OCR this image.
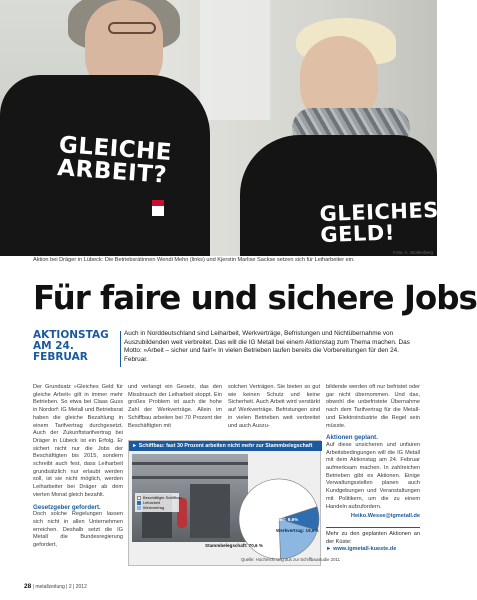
GLEICHE
ARBEIT?
GLEICHES
GELD!
Foto: A. Stoltenberg
Aktion bei Dräger in Lübeck: Die Betriebsrätinnen Wendi Mehn (links) und Kjerstin Marlise Sackse setzen sich für Leiharbeiter ein.
Für faire und sichere Jobs
AKTIONSTAG AM 24. FEBRUAR
Auch in Norddeutschland sind Leiharbeit, Werkverträge, Befristungen und Nichtübernahme von Auszubildenden weit verbreitet. Das will die IG Metall bei einem Aktionstag zum Thema machen. Das Motto: »Arbeit – sicher und fair!« In vielen Betrieben laufen bereits die Vorbereitungen für den 24. Februar.

Der Grundsatz »Gleiches Geld für gleiche Arbeit« gilt in immer mehr Betrieben. So etwa bei Claas Guss in Nordorf: IG Metall und Betriebsrat haben die gleiche Bezahlung in einem Tarifvertrag durchgesetzt. Auch der Zukunftstarifvertrag bei Dräger in Lübeck ist ein Erfolg. Er sichert nicht nur die Jobs der Beschäftigten bis 2015, sondern schreibt auch fest, dass Leiharbeit grundsätzlich nur erlaubt werden soll, ist sie nicht möglich, werden Leiharbeiter bei Dräger ab dem vierten Monat gleich bezahlt.

Gesetzgeber gefordert.

Doch solche Regelungen lassen sich nicht in allen Unternehmen erreichen. Deshalb setzt die IG Metall die Bundesregierung gefordert,

und verlangt ein Gesetz, das den Missbrauch der Leiharbeit stoppt. Ein großes Problem ist auch die hohe Zahl der Werkverträge. Allein im Schiffbau arbeiten bei 70 Prozent der Beschäftigten mit

solchen Verträgen. Sie bieten so gut wie keinen Schutz und keine Sicherheit. Auch Arbeit wird verstärkt auf Werkverträge. Befristungen sind in vielen Betrieben weit verbreitet und auch Auszu-

bildende werden oft nur befristet oder gar nicht übernommen. Und das, obwohl die unbefristete Übernahme nach dem Tarifvertrag für die Metall- und Elektroindustrie die Regel sein müsste.

Aktionen geplant.

Auf diese unsicheren und unfairen Arbeitsbedingungen will die IG Metall mit dem Aktionstag am 24. Februar aufmerksam machen. In zahlreichen Betrieben gibt es Aktionen. Einige Verwaltungsstellen planen auch Kundgebungen und Veranstaltungen mit Politikern, um die zu einem Handeln aufzufordern.

Heiko.Wesse@igmetall.de

Mehr zu den geplanten Aktionen an der Küste:

► www.igmetall-kueste.de

► Schiffbau: fast 30 Prozent arbeiten nicht mehr zur Stammbelegschaft
Beschäftigte Schiffbau
Leiharbeit
Werkvertrag
Leiharbeit: 9,6%
Werkvertrag: 19,8%
Stammbelegschaft: 70,6 %
Quelle: Hochrechnung aus zur Schiffbaustudie 2011
28 | metallzeitung | 2 | 2012
